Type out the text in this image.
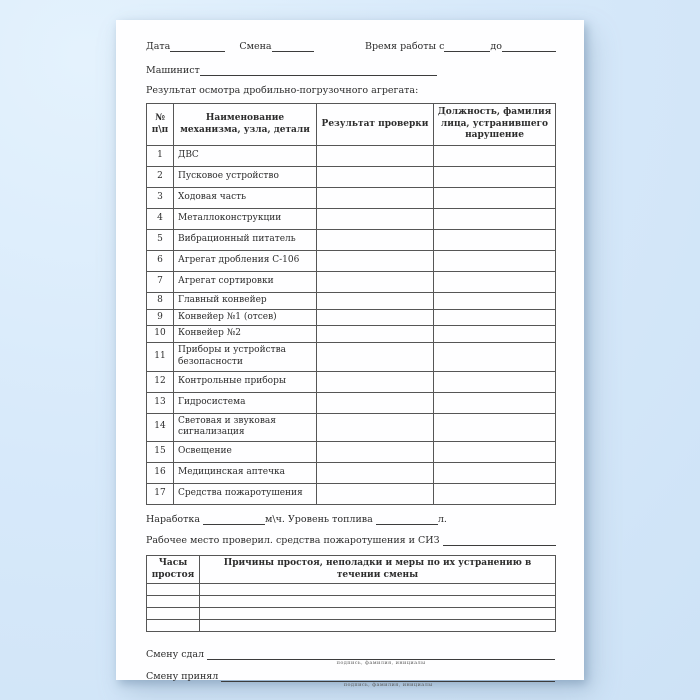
Дата	Смена	Время работы с	до
Машинист
Результат осмотра дробильно-погрузочного агрегата:
№ п\п	Наименование механизма, узла, детали	Результат проверки	Должность, фамилия лица, устранившего нарушение
1	ДВС		
2	Пусковое устройство		
3	Ходовая часть		
4	Металлоконструкции		
5	Вибрационный питатель		
6	Агрегат дробления С-106		
7	Агрегат сортировки		
8	Главный конвейер		
9	Конвейер №1 (отсев)		
10	Конвейер №2		
11	Приборы и устройства безопасности		
12	Контрольные приборы		
13	Гидросистема		
14	Световая и звуковая сигнализация		
15	Освещение		
16	Медицинская аптечка		
17	Средства пожаротушения		
Наработка	м\ч. Уровень топлива	л.
Рабочее место проверил. средства пожаротушения и СИЗ
Часы простоя	Причины простоя, неполадки и меры по их устранению в течении смены

Смену сдал
подпись, фамилия, инициалы
Смену принял
подпись, фамилия, инициалы
